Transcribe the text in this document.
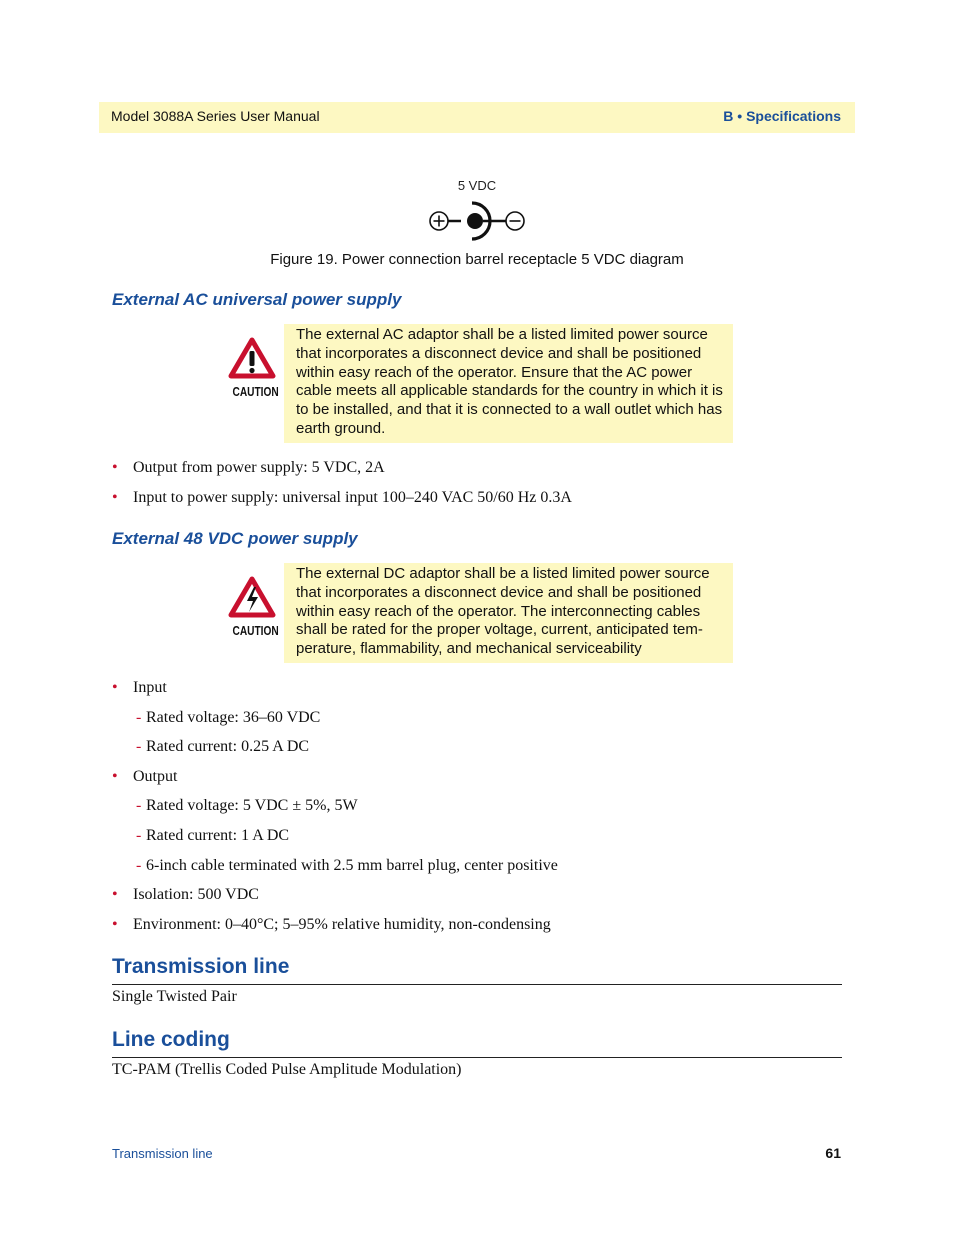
Model 3088A Series User Manual	B • Specifications
5 VDC
Figure 19. Power connection barrel receptacle 5 VDC diagram
External AC universal power supply
CAUTION
The external AC adaptor shall be a listed limited power source
that incorporates a disconnect device and shall be positioned
within easy reach of the operator. Ensure that the AC power
cable meets all applicable standards for the country in which it is
to be installed, and that it is connected to a wall outlet which has
earth ground.
• Output from power supply: 5 VDC, 2A
• Input to power supply: universal input 100–240 VAC 50/60 Hz 0.3A
External 48 VDC power supply
CAUTION
The external DC adaptor shall be a listed limited power source
that incorporates a disconnect device and shall be positioned
within easy reach of the operator. The interconnecting cables
shall be rated for the proper voltage, current, anticipated tem-
perature, flammability, and mechanical serviceability
• Input
- Rated voltage: 36–60 VDC
- Rated current: 0.25 A DC
• Output
- Rated voltage: 5 VDC ± 5%, 5W
- Rated current: 1 A DC
- 6-inch cable terminated with 2.5 mm barrel plug, center positive
• Isolation: 500 VDC
• Environment: 0–40°C; 5–95% relative humidity, non-condensing
Transmission line
Single Twisted Pair
Line coding
TC-PAM (Trellis Coded Pulse Amplitude Modulation)
Transmission line	61
